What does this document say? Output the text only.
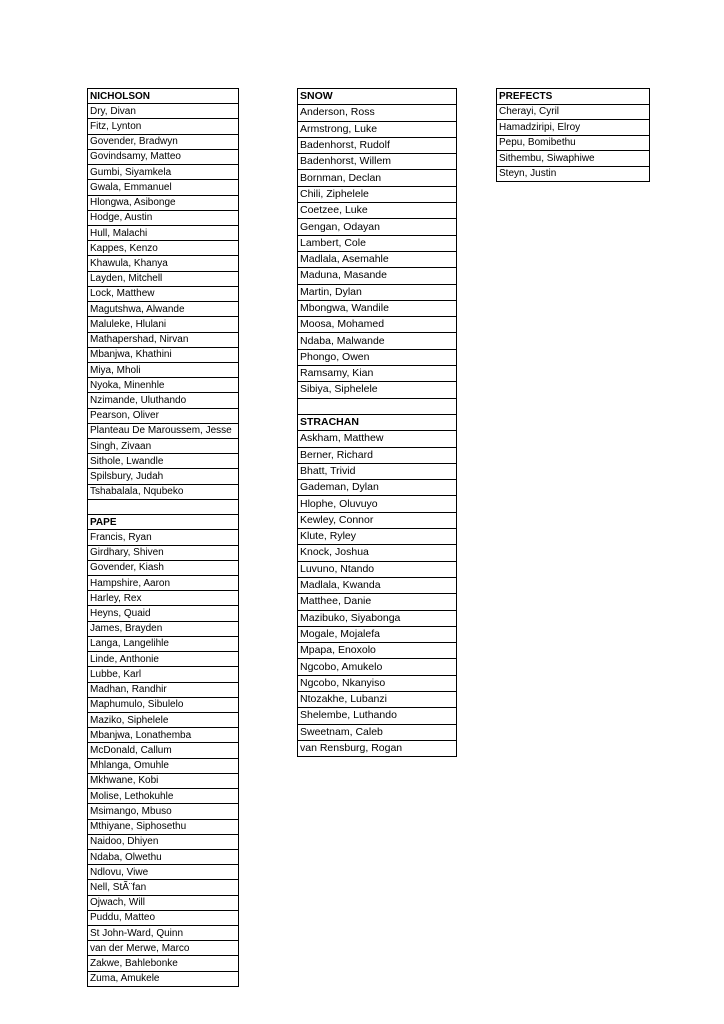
NICHOLSON
Dry, Divan
Fitz, Lynton
Govender, Bradwyn
Govindsamy, Matteo
Gumbi, Siyamkela
Gwala, Emmanuel
Hlongwa, Asibonge
Hodge, Austin
Hull, Malachi
Kappes, Kenzo
Khawula, Khanya
Layden, Mitchell
Lock, Matthew
Magutshwa, Alwande
Maluleke, Hlulani
Mathapershad, Nirvan
Mbanjwa, Khathini
Miya, Mholi
Nyoka, Minenhle
Nzimande, Uluthando
Pearson, Oliver
Planteau De Maroussem, Jesse
Singh, Zivaan
Sithole, Lwandle
Spilsbury, Judah
Tshabalala, Nqubeko

PAPE
Francis, Ryan
Girdhary, Shiven
Govender, Kiash
Hampshire, Aaron
Harley, Rex
Heyns, Quaid
James, Brayden
Langa, Langelihle
Linde, Anthonie
Lubbe, Karl
Madhan, Randhir
Maphumulo, Sibulelo
Maziko, Siphelele
Mbanjwa, Lonathemba
McDonald, Callum
Mhlanga, Omuhle
Mkhwane, Kobi
Molise, Lethokuhle
Msimango, Mbuso
Mthiyane, Siphosethu
Naidoo, Dhiyen
Ndaba, Olwethu
Ndlovu, Viwe
Nell, StÃ¨fan
Ojwach, Will
Puddu, Matteo
St John-Ward, Quinn
van der Merwe, Marco
Zakwe, Bahlebonke
Zuma, Amukele
SNOW
Anderson, Ross
Armstrong, Luke
Badenhorst, Rudolf
Badenhorst, Willem
Bornman, Declan
Chili, Ziphelele
Coetzee, Luke
Gengan, Odayan
Lambert, Cole
Madlala, Asemahle
Maduna, Masande
Martin, Dylan
Mbongwa, Wandile
Moosa, Mohamed
Ndaba, Malwande
Phongo, Owen
Ramsamy, Kian
Sibiya, Siphelele

STRACHAN
Askham, Matthew
Berner, Richard
Bhatt, Trivid
Gademan, Dylan
Hlophe, Oluvuyo
Kewley, Connor
Klute, Ryley
Knock, Joshua
Luvuno, Ntando
Madlala, Kwanda
Matthee, Danie
Mazibuko, Siyabonga
Mogale, Mojalefa
Mpapa, Enoxolo
Ngcobo, Amukelo
Ngcobo, Nkanyiso
Ntozakhe, Lubanzi
Shelembe, Luthando
Sweetnam, Caleb
van Rensburg, Rogan
PREFECTS
Cherayi, Cyril
Hamadziripi, Elroy
Pepu, Bomibethu
Sithembu, Siwaphiwe
Steyn, Justin
